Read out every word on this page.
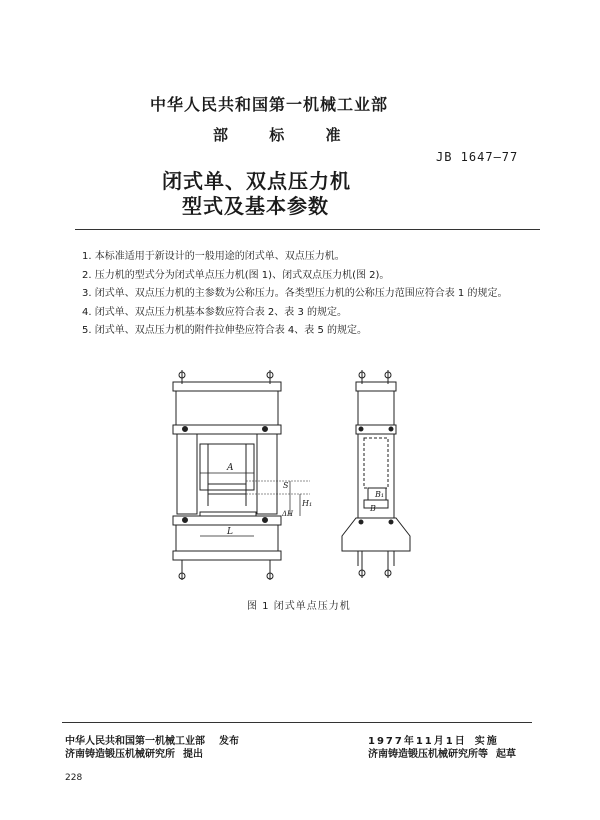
中华人民共和国第一机械工业部
部 标 准
JB 1647—77
闭式单、双点压力机
型式及基本参数
1. 本标准适用于新设计的一般用途的闭式单、双点压力机。
2. 压力机的型式分为闭式单点压力机(图 1)、闭式双点压力机(图 2)。
3. 闭式单、双点压力机的主参数为公称压力。各类型压力机的公称压力范围应符合表 1 的规定。
4. 闭式单、双点压力机基本参数应符合表 2、表 3 的规定。
5. 闭式单、双点压力机的附件拉伸垫应符合表 4、表 5 的规定。
A
L
S
H₁
ΔH
B₁
B
图 1 闭式单点压力机
中华人民共和国第一机械工业部 发布
济南铸造锻压机械研究所 提出
1977年11月1日 实施
济南铸造锻压机械研究所等 起草
228
